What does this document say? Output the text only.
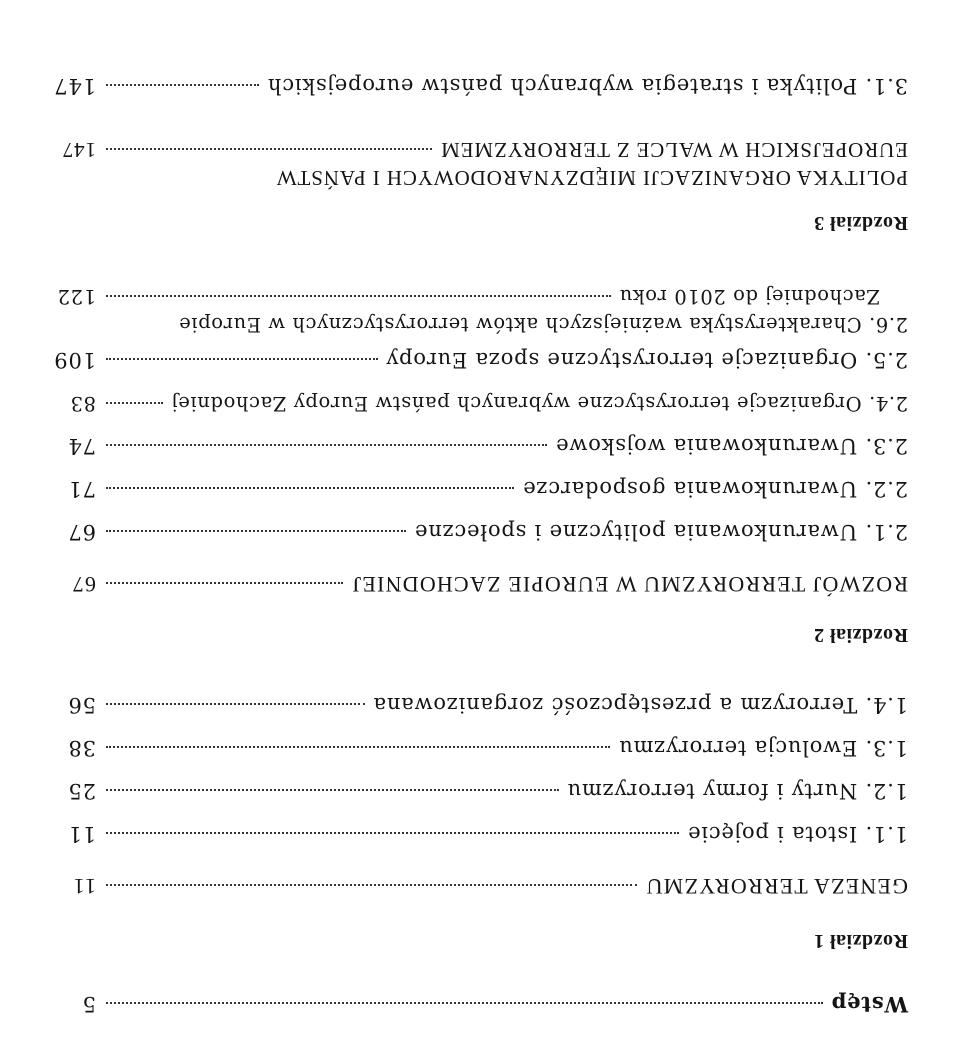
Wstęp
5
Rozdział 1
GENEZA TERRORYZMU
11
1.1. Istota i pojęcie
11
1.2. Nurty i formy terroryzmu
25
1.3. Ewolucja terroryzmu
38
1.4. Terroryzm a przestępczość zorganizowana
56
Rozdział 2
ROZWÓJ TERRORYZMU W EUROPIE ZACHODNIEJ
67
2.1. Uwarunkowania polityczne i społeczne
67
2.2. Uwarunkowania gospodarcze
71
2.3. Uwarunkowania wojskowe
74
2.4. Organizacje terrorystyczne wybranych państw Europy Zachodniej
83
2.5. Organizacje terrorystyczne spoza Europy
109
2.6. Charakterystyka ważniejszych aktów terrorystycznych w Europie
Zachodniej do 2010 roku
122
Rozdział 3
POLITYKA ORGANIZACJI MIĘDZYNARODOWYCH I PAŃSTW
EUROPEJSKICH W WALCE Z TERRORYZMEM
147
3.1. Polityka i strategia wybranych państw europejskich
147
